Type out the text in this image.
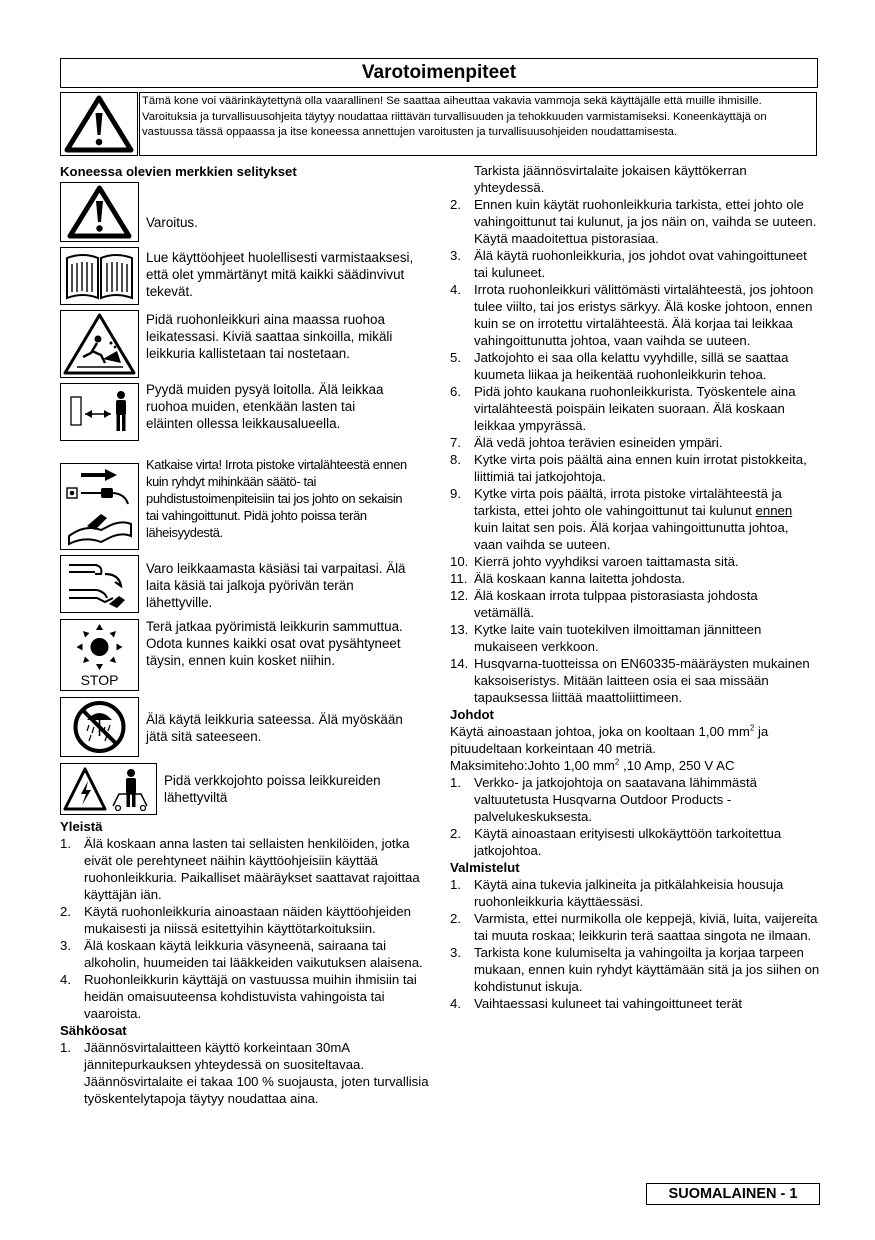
Varotoimenpiteet
Tämä kone voi väärinkäytettynä olla vaarallinen! Se saattaa aiheuttaa vakavia vammoja sekä käyttäjälle että muille ihmisille. Varoituksia ja turvallisuusohjeita täytyy noudattaa riittävän turvallisuuden ja tehokkuuden varmistamiseksi. Koneenkäyttäjä on vastuussa tässä oppaassa ja itse koneessa annettujen varoitusten ja turvallisuusohjeiden noudattamisesta.
Koneessa olevien merkkien selitykset
Varoitus.
Lue käyttöohjeet huolellisesti varmistaaksesi, että olet ymmärtänyt mitä kaikki säädinvivut tekevät.
Pidä ruohonleikkuri aina maassa ruohoa leikatessasi. Kiviä saattaa sinkoilla, mikäli leikkuria kallistetaan tai nostetaan.
Pyydä muiden pysyä loitolla. Älä leikkaa ruohoa muiden, etenkään lasten tai eläinten ollessa leikkausalueella.
Katkaise virta! Irrota pistoke virtalähteestä ennen kuin ryhdyt mihinkään säätö- tai puhdistustoimenpiteisiin tai jos johto on sekaisin tai vahingoittunut. Pidä johto poissa terän läheisyydestä.
Varo leikkaamasta käsiäsi tai varpaitasi. Älä laita käsiä tai jalkoja pyörivän terän lähettyville.
STOP
Terä jatkaa pyörimistä leikkurin sammuttua. Odota kunnes kaikki osat ovat pysähtyneet täysin, ennen kuin kosket niihin.
Älä käytä leikkuria sateessa. Älä myöskään jätä sitä sateeseen.
Pidä verkkojohto poissa leikkureiden lähettyviltä
Yleistä
1. Älä koskaan anna lasten tai sellaisten henkilöiden, jotka eivät ole perehtyneet näihin käyttöohjeisiin käyttää ruohonleikkuria. Paikalliset määräykset saattavat rajoittaa käyttäjän iän.
2. Käytä ruohonleikkuria ainoastaan näiden käyttöohjeiden mukaisesti ja niissä esitettyihin käyttötarkoituksiin.
3. Älä koskaan käytä leikkuria väsyneenä, sairaana tai alkoholin, huumeiden tai lääkkeiden vaikutuksen alaisena.
4. Ruohonleikkurin käyttäjä on vastuussa muihin ihmisiin tai heidän omaisuuteensa kohdistuvista vahingoista tai vaaroista.
Sähköosat
1. Jäännösvirtalaitteen käyttö korkeintaan 30mA jännitepurkauksen yhteydessä on suositeltavaa. Jäännösvirtalaite ei takaa 100 % suojausta, joten turvallisia työskentelytapoja täytyy noudattaa aina.
Tarkista jäännösvirtalaite jokaisen käyttökerran yhteydessä.
2. Ennen kuin käytät ruohonleikkuria tarkista, ettei johto ole vahingoittunut tai kulunut, ja jos näin on, vaihda se uuteen. Käytä maadoitettua pistorasiaa.
3. Älä käytä ruohonleikkuria, jos johdot ovat vahingoittuneet tai kuluneet.
4. Irrota ruohonleikkuri välittömästi virtalähteestä, jos johtoon tulee viilto, tai jos eristys särkyy. Älä koske johtoon, ennen kuin se on irrotettu virtalähteestä. Älä korjaa tai leikkaa vahingoittunutta johtoa, vaan vaihda se uuteen.
5. Jatkojohto ei saa olla kelattu vyyhdille, sillä se saattaa kuumeta liikaa ja heikentää ruohonleikkurin tehoa.
6. Pidä johto kaukana ruohonleikkurista. Työskentele aina virtalähteestä poispäin leikaten suoraan. Älä koskaan leikkaa ympyrässä.
7. Älä vedä johtoa terävien esineiden ympäri.
8. Kytke virta pois päältä aina ennen kuin irrotat pistokkeita, liittimiä tai jatkojohtoja.
9. Kytke virta pois päältä, irrota pistoke virtalähteestä ja tarkista, ettei johto ole vahingoittunut tai kulunut ennen kuin laitat sen pois. Älä korjaa vahingoittunutta johtoa, vaan vaihda se uuteen.
10. Kierrä johto vyyhdiksi varoen taittamasta sitä.
11. Älä koskaan kanna laitetta johdosta.
12. Älä koskaan irrota tulppaa pistorasiasta johdosta vetämällä.
13. Kytke laite vain tuotekilven ilmoittaman jännitteen mukaiseen verkkoon.
14. Husqvarna-tuotteissa on EN60335-määräysten mukainen kaksoiseristys. Mitään laitteen osia ei saa missään tapauksessa liittää maattoliittimeen.
Johdot
Käytä ainoastaan johtoa, joka on kooltaan 1,00 $mm^2$ ja pituudeltaan korkeintaan 40 metriä.
Maksimiteho:Johto 1,00 $mm^2$ ,10 Amp, 250 V AC
1. Verkko- ja jatkojohtoja on saatavana lähimmästä valtuutetusta Husqvarna Outdoor Products -palvelukeskuksesta.
2. Käytä ainoastaan erityisesti ulkokäyttöön tarkoitettua jatkojohtoa.
Valmistelut
1. Käytä aina tukevia jalkineita ja pitkälahkeisia housuja ruohonleikkuria käyttäessäsi.
2. Varmista, ettei nurmikolla ole keppejä, kiviä, luita, vaijereita tai muuta roskaa; leikkurin terä saattaa singota ne ilmaan.
3. Tarkista kone kulumiselta ja vahingoilta ja korjaa tarpeen mukaan, ennen kuin ryhdyt käyttämään sitä ja jos siihen on kohdistunut iskuja.
4. Vaihtaessasi kuluneet tai vahingoittuneet terät
SUOMALAINEN - 1
